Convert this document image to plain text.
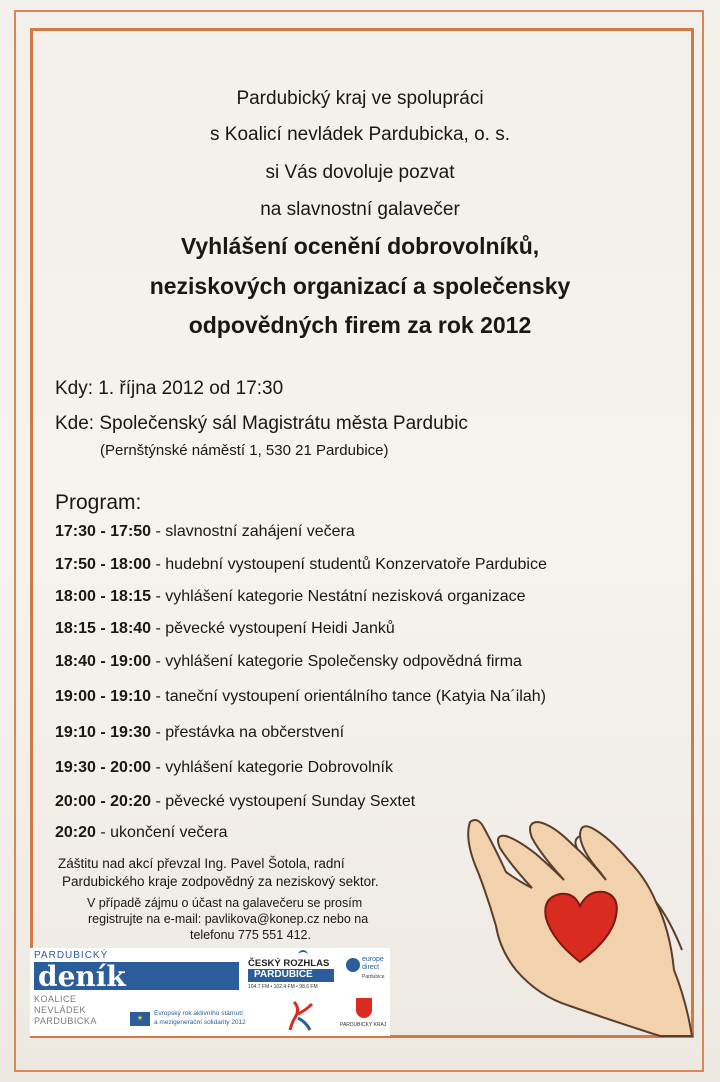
Pardubický kraj ve spolupráci
s Koalicí nevládek Pardubicka, o. s.
si Vás dovoluje pozvat
na slavnostní galavečer
Vyhlášení ocenění dobrovolníků,
neziskových organizací a společensky
odpovědných firem za rok 2012
Kdy: 1. října 2012 od 17:30
Kde: Společenský sál Magistrátu města Pardubic
(Pernštýnské náměstí 1, 530 21 Pardubice)
Program:
17:30 - 17:50 - slavnostní zahájení večera
17:50 - 18:00 - hudební vystoupení studentů Konzervatoře Pardubice
18:00 - 18:15 - vyhlášení kategorie Nestátní nezisková organizace
18:15 - 18:40 - pěvecké vystoupení Heidi Janků
18:40 - 19:00 - vyhlášení kategorie Společensky odpovědná firma
19:00 - 19:10 - taneční vystoupení orientálního tance (Katyia Na´ilah)
19:10 - 19:30 - přestávka na občerstvení
19:30 - 20:00 - vyhlášení kategorie Dobrovolník
20:00 - 20:20 - pěvecké vystoupení Sunday Sextet
20:20 - ukončení večera
Záštitu nad akcí převzal Ing. Pavel Šotola, radní
Pardubického kraje zodpovědný za neziskový sektor.
V případě zájmu o účast na galavečeru se prosím
registrujte na e-mail: pavlikova@konep.cz nebo na
telefonu 775 551 412.
PARDUBICKÝ
deník	ČESKÝ ROZHLAS
PARDUBICE
104.7 FM • 102.4 FM • 98.6 FM
europe direct
Pardubice
KOALICE
NEVLÁDEK
PARDUBICKA	★
Evropský rok aktivního stárnutí
a mezigenerační solidarity 2012	PARDUBICKÝ KRAJ
